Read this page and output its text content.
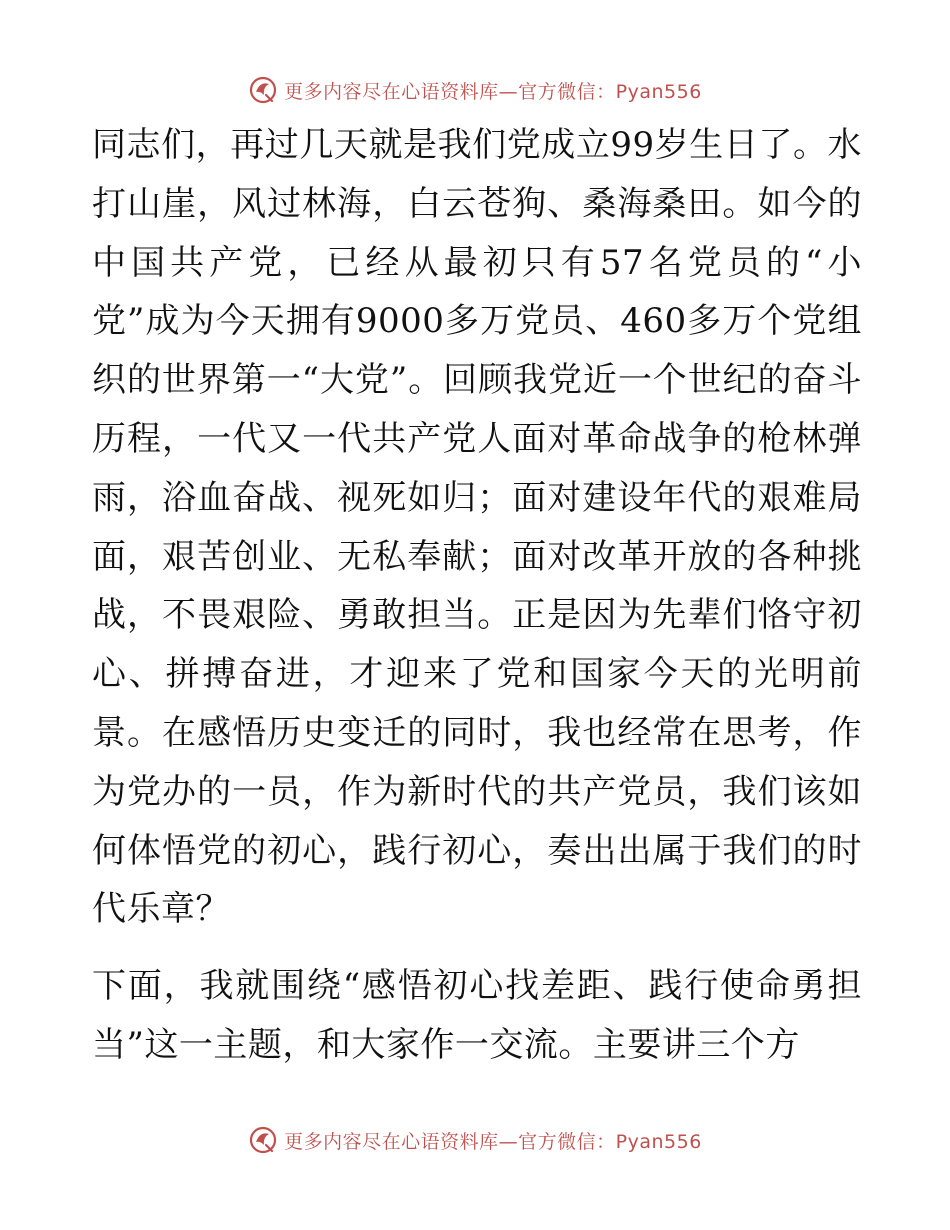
更多内容尽在心语资料库—官方微信：Pyan556

同志们，再过几天就是我们党成立99岁生日了。水打山崖，风过林海，白云苍狗、桑海桑田。如今的中国共产党，已经从最初只有57名党员的“小党”成为今天拥有9000多万党员、460多万个党组织的世界第一“大党”。回顾我党近一个世纪的奋斗历程，一代又一代共产党人面对革命战争的枪林弹雨，浴血奋战、视死如归；面对建设年代的艰难局面，艰苦创业、无私奉献；面对改革开放的各种挑战，不畏艰险、勇敢担当。正是因为先辈们恪守初心、拼搏奋进，才迎来了党和国家今天的光明前景。在感悟历史变迁的同时，我也经常在思考，作为党办的一员，作为新时代的共产党员，我们该如何体悟党的初心，践行初心，奏出出属于我们的时代乐章？

下面，我就围绕“感悟初心找差距、践行使命勇担当”这一主题，和大家作一交流。主要讲三个方

更多内容尽在心语资料库—官方微信：Pyan556
